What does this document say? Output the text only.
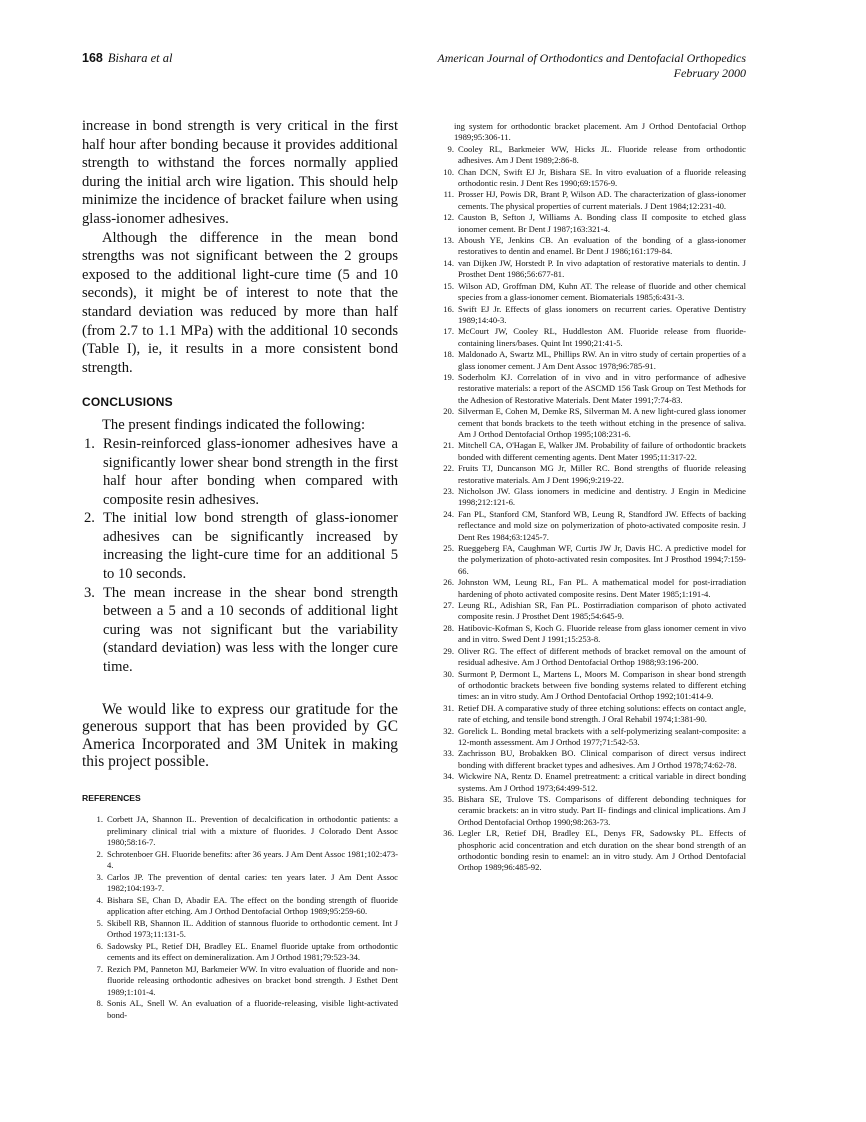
168 Bishara et al	American Journal of Orthodontics and Dentofacial Orthopedics
February 2000

increase in bond strength is very critical in the first half hour after bonding because it provides additional strength to withstand the forces normally applied during the initial arch wire ligation. This should help minimize the incidence of bracket failure when using glass-ionomer adhesives.

Although the difference in the mean bond strengths was not significant between the 2 groups exposed to the additional light-cure time (5 and 10 seconds), it might be of interest to note that the standard deviation was reduced by more than half (from 2.7 to 1.1 MPa) with the additional 10 seconds (Table I), ie, it results in a more consistent bond strength.

CONCLUSIONS

The present findings indicated the following:

1. Resin-reinforced glass-ionomer adhesives have a significantly lower shear bond strength in the first half hour after bonding when compared with composite resin adhesives.
2. The initial low bond strength of glass-ionomer adhesives can be significantly increased by increasing the light-cure time for an additional 5 to 10 seconds.
3. The mean increase in the shear bond strength between a 5 and a 10 seconds of additional light curing was not significant but the variability (standard deviation) was less with the longer cure time.

We would like to express our gratitude for the generous support that has been provided by GC America Incorporated and 3M Unitek in making this project possible.

REFERENCES
1. Corbett JA, Shannon IL. Prevention of decalcification in orthodontic patients: a preliminary clinical trial with a mixture of fluorides. J Colorado Dent Assoc 1980;58:16-7.
2. Schrotenboer GH. Fluoride benefits: after 36 years. J Am Dent Assoc 1981;102:473-4.
3. Carlos JP. The prevention of dental caries: ten years later. J Am Dent Assoc 1982;104:193-7.
4. Bishara SE, Chan D, Abadir EA. The effect on the bonding strength of fluoride application after etching. Am J Orthod Dentofacial Orthop 1989;95:259-60.
5. Skibell RB, Shannon IL. Addition of stannous fluoride to orthodontic cement. Int J Orthod 1973;11:131-5.
6. Sadowsky PL, Retief DH, Bradley EL. Enamel fluoride uptake from orthodontic cements and its effect on demineralization. Am J Orthod 1981;79:523-34.
7. Rezich PM, Panneton MJ, Barkmeier WW. In vitro evaluation of fluoride and non-fluoride releasing orthodontic adhesives on bracket bond strength. J Esthet Dent 1989;1:101-4.
8. Sonis AL, Snell W. An evaluation of a fluoride-releasing, visible light-activated bond-
ing system for orthodontic bracket placement. Am J Orthod Dentofacial Orthop 1989;95:306-11.
9. Cooley RL, Barkmeier WW, Hicks JL. Fluoride release from orthodontic adhesives. Am J Dent 1989;2:86-8.
10. Chan DCN, Swift EJ Jr, Bishara SE. In vitro evaluation of a fluoride releasing orthodontic resin. J Dent Res 1990;69:1576-9.
11. Prosser HJ, Powis DR, Brant P, Wilson AD. The characterization of glass-ionomer cements. The physical properties of current materials. J Dent 1984;12:231-40.
12. Causton B, Sefton J, Williams A. Bonding class II composite to etched glass ionomer cement. Br Dent J 1987;163:321-4.
13. Aboush YE, Jenkins CB. An evaluation of the bonding of a glass-ionomer restoratives to dentin and enamel. Br Dent J 1986;161:179-84.
14. van Dijken JW, Horstedt P. In vivo adaptation of restorative materials to dentin. J Prosthet Dent 1986;56:677-81.
15. Wilson AD, Groffman DM, Kuhn AT. The release of fluoride and other chemical species from a glass-ionomer cement. Biomaterials 1985;6:431-3.
16. Swift EJ Jr. Effects of glass ionomers on recurrent caries. Operative Dentistry 1989;14:40-3.
17. McCourt JW, Cooley RL, Huddleston AM. Fluoride release from fluoride-containing liners/bases. Quint Int 1990;21:41-5.
18. Maldonado A, Swartz ML, Phillips RW. An in vitro study of certain properties of a glass ionomer cement. J Am Dent Assoc 1978;96:785-91.
19. Soderholm KJ. Correlation of in vivo and in vitro performance of adhesive restorative materials: a report of the ASCMD 156 Task Group on Test Methods for the Adhesion of Restorative Materials. Dent Mater 1991;7:74-83.
20. Silverman E, Cohen M, Demke RS, Silverman M. A new light-cured glass ionomer cement that bonds brackets to the teeth without etching in the presence of saliva. Am J Orthod Dentofacial Orthop 1995;108:231-6.
21. Mitchell CA, O'Hagan E, Walker JM. Probability of failure of orthodontic brackets bonded with different cementing agents. Dent Mater 1995;11:317-22.
22. Fruits TJ, Duncanson MG Jr, Miller RC. Bond strengths of fluoride releasing restorative materials. Am J Dent 1996;9:219-22.
23. Nicholson JW. Glass ionomers in medicine and dentistry. J Engin in Medicine 1998;212:121-6.
24. Fan PL, Stanford CM, Stanford WB, Leung R, Standford JW. Effects of backing reflectance and mold size on polymerization of photo-activated composite resin. J Dent Res 1984;63:1245-7.
25. Rueggeberg FA, Caughman WF, Curtis JW Jr, Davis HC. A predictive model for the polymerization of photo-activated resin composites. Int J Prosthod 1994;7:159-66.
26. Johnston WM, Leung RL, Fan PL. A mathematical model for post-irradiation hardening of photo activated composite resins. Dent Mater 1985;1:191-4.
27. Leung RL, Adishian SR, Fan PL. Postirradiation comparison of photo activated composite resin. J Prosthet Dent 1985;54:645-9.
28. Hatibovic-Kofman S, Koch G. Fluoride release from glass ionomer cement in vivo and in vitro. Swed Dent J 1991;15:253-8.
29. Oliver RG. The effect of different methods of bracket removal on the amount of residual adhesive. Am J Orthod Dentofacial Orthop 1988;93:196-200.
30. Surmont P, Dermont L, Martens L, Moors M. Comparison in shear bond strength of orthodontic brackets between five bonding systems related to different etching times: an in vitro study. Am J Orthod Dentofacial Orthop 1992;101:414-9.
31. Retief DH. A comparative study of three etching solutions: effects on contact angle, rate of etching, and tensile bond strength. J Oral Rehabil 1974;1:381-90.
32. Gorelick L. Bonding metal brackets with a self-polymerizing sealant-composite: a 12-month assessment. Am J Orthod 1977;71:542-53.
33. Zachrisson BU, Brobakken BO. Clinical comparison of direct versus indirect bonding with different bracket types and adhesives. Am J Orthod 1978;74:62-78.
34. Wickwire NA, Rentz D. Enamel pretreatment: a critical variable in direct bonding systems. Am J Orthod 1973;64:499-512.
35. Bishara SE, Trulove TS. Comparisons of different debonding techniques for ceramic brackets: an in vitro study. Part II- findings and clinical implications. Am J Orthod Dentofacial Orthop 1990;98:263-73.
36. Legler LR, Retief DH, Bradley EL, Denys FR, Sadowsky PL. Effects of phosphoric acid concentration and etch duration on the shear bond strength of an orthodontic bonding resin to enamel: an in vitro study. Am J Orthod Dentofacial Orthop 1989;96:485-92.
